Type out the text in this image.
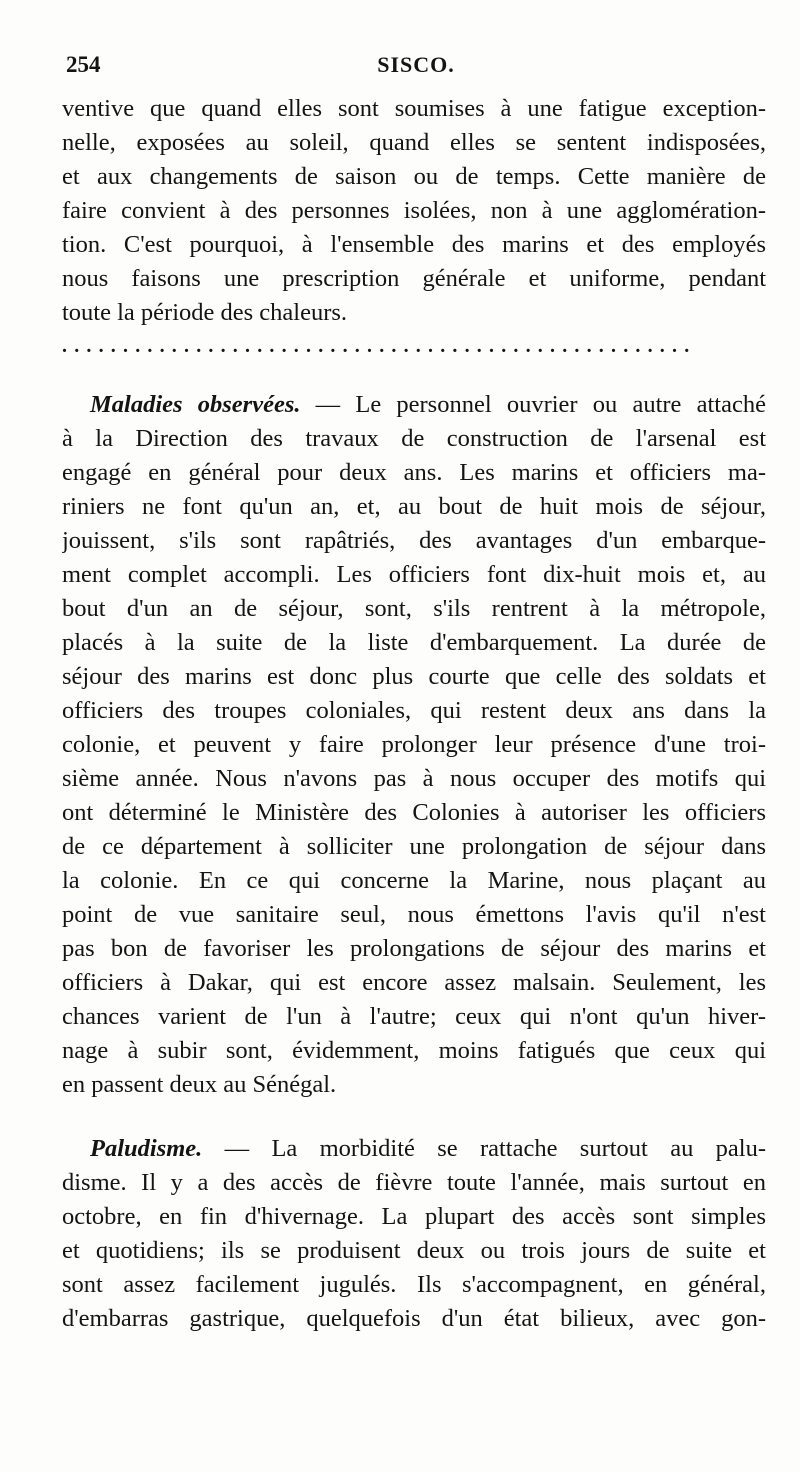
254	SISCO.
ventive que quand elles sont soumises à une fatigue exception-
nelle, exposées au soleil, quand elles se sentent indisposées,
et aux changements de saison ou de temps. Cette manière de
faire convient à des personnes isolées, non à une agglomération-
tion. C'est pourquoi, à l'ensemble des marins et des employés
nous faisons une prescription générale et uniforme, pendant
toute la période des chaleurs.
....................................................
Maladies observées. — Le personnel ouvrier ou autre attaché
à la Direction des travaux de construction de l'arsenal est
engagé en général pour deux ans. Les marins et officiers ma-
riniers ne font qu'un an, et, au bout de huit mois de séjour,
jouissent, s'ils sont rapâtriés, des avantages d'un embarque-
ment complet accompli. Les officiers font dix-huit mois et, au
bout d'un an de séjour, sont, s'ils rentrent à la métropole,
placés à la suite de la liste d'embarquement. La durée de
séjour des marins est donc plus courte que celle des soldats et
officiers des troupes coloniales, qui restent deux ans dans la
colonie, et peuvent y faire prolonger leur présence d'une troi-
sième année. Nous n'avons pas à nous occuper des motifs qui
ont déterminé le Ministère des Colonies à autoriser les officiers
de ce département à solliciter une prolongation de séjour dans
la colonie. En ce qui concerne la Marine, nous plaçant au
point de vue sanitaire seul, nous émettons l'avis qu'il n'est
pas bon de favoriser les prolongations de séjour des marins et
officiers à Dakar, qui est encore assez malsain. Seulement, les
chances varient de l'un à l'autre; ceux qui n'ont qu'un hiver-
nage à subir sont, évidemment, moins fatigués que ceux qui
en passent deux au Sénégal.
Paludisme. — La morbidité se rattache surtout au palu-
disme. Il y a des accès de fièvre toute l'année, mais surtout en
octobre, en fin d'hivernage. La plupart des accès sont simples
et quotidiens; ils se produisent deux ou trois jours de suite et
sont assez facilement jugulés. Ils s'accompagnent, en général,
d'embarras gastrique, quelquefois d'un état bilieux, avec gon-
